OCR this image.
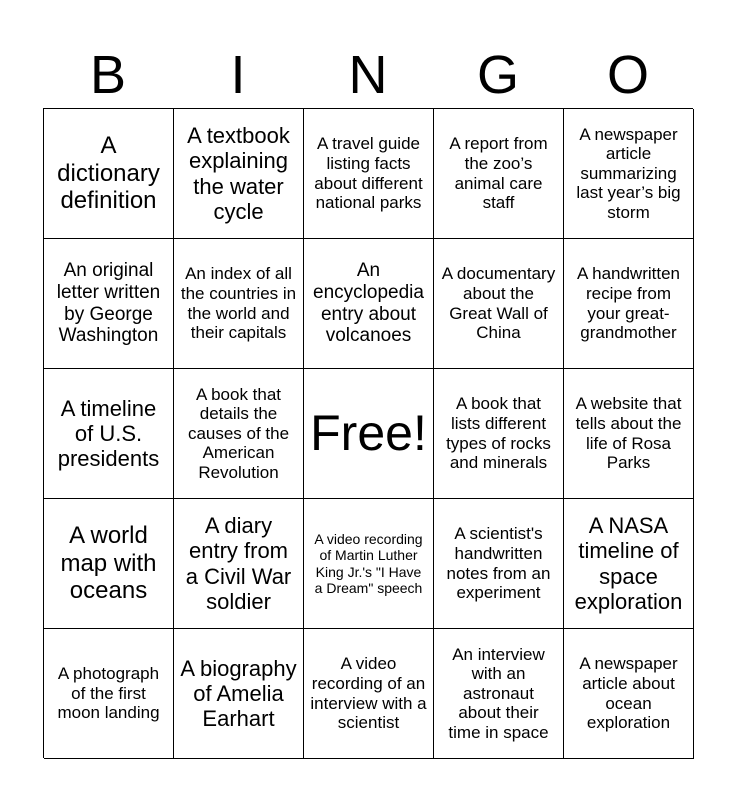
B	I	N	G	O
A dictionary definition
A textbook explaining the water cycle
A travel guide listing facts about different national parks
A report from the zoo’s animal care staff
A newspaper article summarizing last year’s big storm
An original letter written by George Washington
An index of all the countries in the world and their capitals
An encyclopedia entry about volcanoes
A documentary about the Great Wall of China
A handwritten recipe from your great-grandmother
A timeline of U.S. presidents
A book that details the causes of the American Revolution
Free!
A book that lists different types of rocks and minerals
A website that tells about the life of Rosa Parks
A world map with oceans
A diary entry from a Civil War soldier
A video recording of Martin Luther King Jr.'s "I Have a Dream" speech
A scientist's handwritten notes from an experiment
A NASA timeline of space exploration
A photograph of the first moon landing
A biography of Amelia Earhart
A video recording of an interview with a scientist
An interview with an astronaut about their time in space
A newspaper article about ocean exploration
